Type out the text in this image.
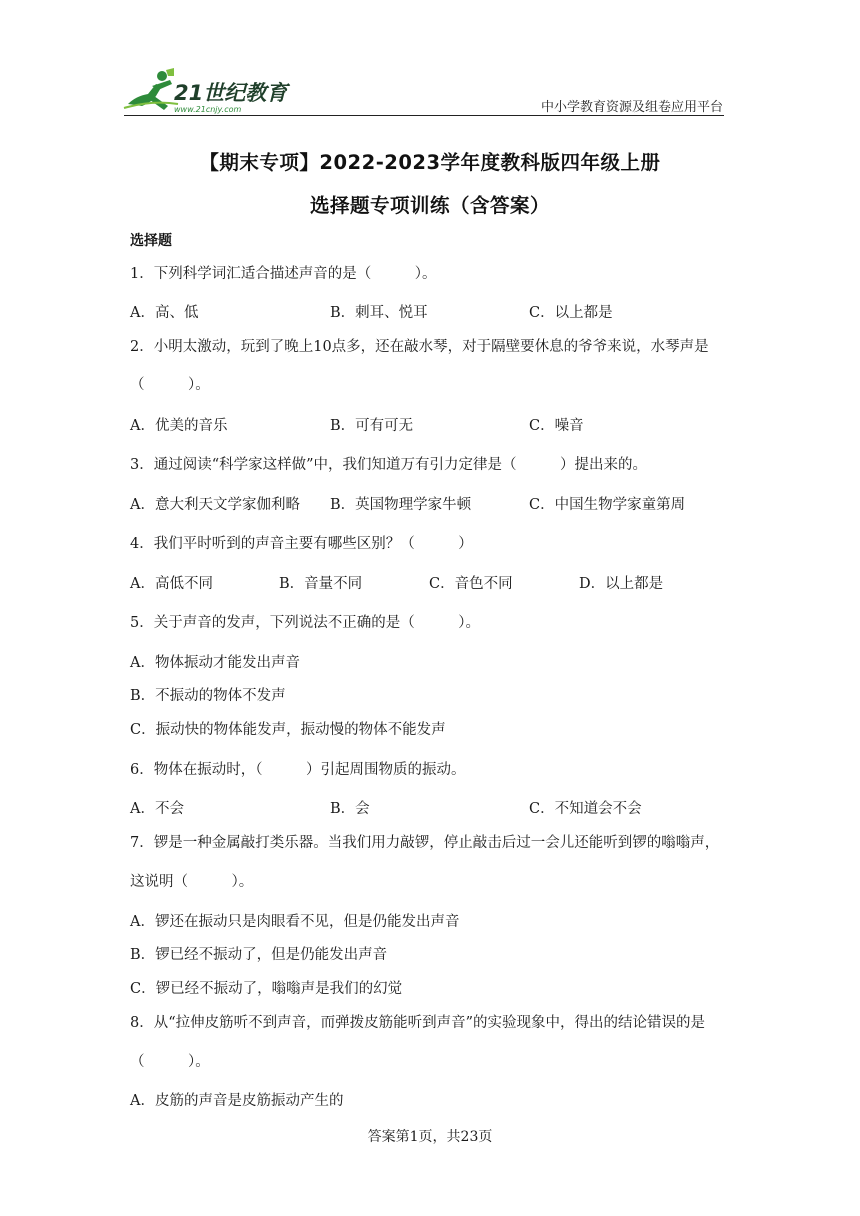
21世纪教育
www.21cnjy.com	中小学教育资源及组卷应用平台
【期末专项】2022-2023学年度教科版四年级上册
选择题专项训练（含答案）
选择题
1．下列科学词汇适合描述声音的是（　　　）。
A．高、低	B．刺耳、悦耳	C．以上都是
2．小明太激动，玩到了晚上10点多，还在敲水琴，对于隔壁要休息的爷爷来说，水琴声是
（　　　）。
A．优美的音乐	B．可有可无	C．噪音
3．通过阅读“科学家这样做”中，我们知道万有引力定律是（　　　）提出来的。
A．意大利天文学家伽利略 B．英国物理学家牛顿	C．中国生物学家童第周
4．我们平时听到的声音主要有哪些区别？（　　　）
A．高低不同	B．音量不同	C．音色不同	D．以上都是
5．关于声音的发声，下列说法不正确的是（　　　）。
A．物体振动才能发出声音
B．不振动的物体不发声
C．振动快的物体能发声，振动慢的物体不能发声
6．物体在振动时，（　　　）引起周围物质的振动。
A．不会	B．会	C．不知道会不会
7．锣是一种金属敲打类乐器。当我们用力敲锣，停止敲击后过一会儿还能听到锣的嗡嗡声，
这说明（　　　）。
A．锣还在振动只是肉眼看不见，但是仍能发出声音
B．锣已经不振动了，但是仍能发出声音
C．锣已经不振动了，嗡嗡声是我们的幻觉
8．从“拉伸皮筋听不到声音，而弹拨皮筋能听到声音”的实验现象中，得出的结论错误的是
（　　　）。
A．皮筋的声音是皮筋振动产生的
答案第1页，共23页
